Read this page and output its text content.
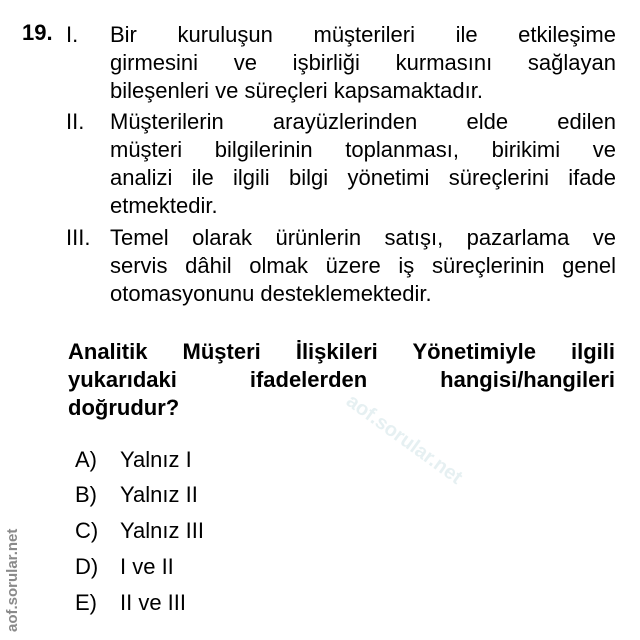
19. I. Bir kuruluşun müşterileri ile etkileşime
girmesini ve işbirliği kurmasını sağlayan
bileşenleri ve süreçleri kapsamaktadır.
II. Müşterilerin arayüzlerinden elde edilen
müşteri bilgilerinin toplanması, birikimi ve
analizi ile ilgili bilgi yönetimi süreçlerini ifade
etmektedir.
III. Temel olarak ürünlerin satışı, pazarlama ve
servis dâhil olmak üzere iş süreçlerinin genel
otomasyonunu desteklemektedir.
Analitik Müşteri İlişkileri Yönetimiyle ilgili
yukarıdaki ifadelerden hangisi/hangileri
doğrudur?
A) Yalnız I
B) Yalnız II
C) Yalnız III
D) I ve II
E) II ve III
aof.sorular.net
aof.sorular.net
